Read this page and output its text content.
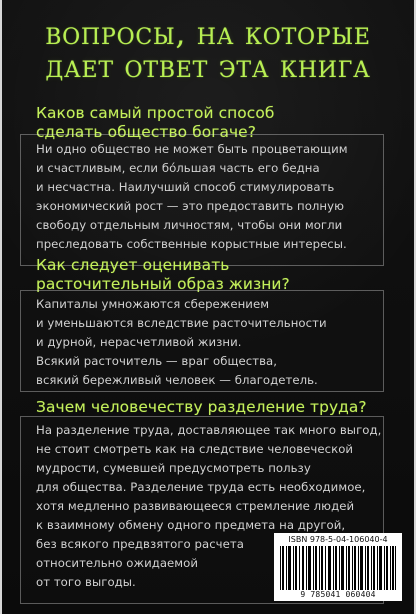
вопросы, на которые
дает ответ эта книга
Каков самый простой способ
сделать общество богаче?
Ни одно общество не может быть процветающим
и счастливым, если бóльшая часть его бедна
и несчастна. Наилучший способ стимулировать
экономический рост — это предоставить полную
свободу отдельным личностям, чтобы они могли
преследовать собственные корыстные интересы.
Как следует оценивать
расточительный образ жизни?
Капиталы умножаются сбережением
и уменьшаются вследствие расточительности
и дурной, нерасчетливой жизни.
Всякий расточитель — враг общества,
всякий бережливый человек — благодетель.
Зачем человечеству разделение труда?
На разделение труда, доставляющее так много выгод,
не стоит смотреть как на следствие человеческой
мудрости, сумевшей предусмотреть пользу
для общества. Разделение труда есть необходимое,
хотя медленно развивающееся стремление людей
к взаимному обмену одного предмета на другой,
без всякого предвзятого расчета
относительно ожидаемой
от того выгоды.
ISBN 978-5-04-106040-4
9 785041 060404
